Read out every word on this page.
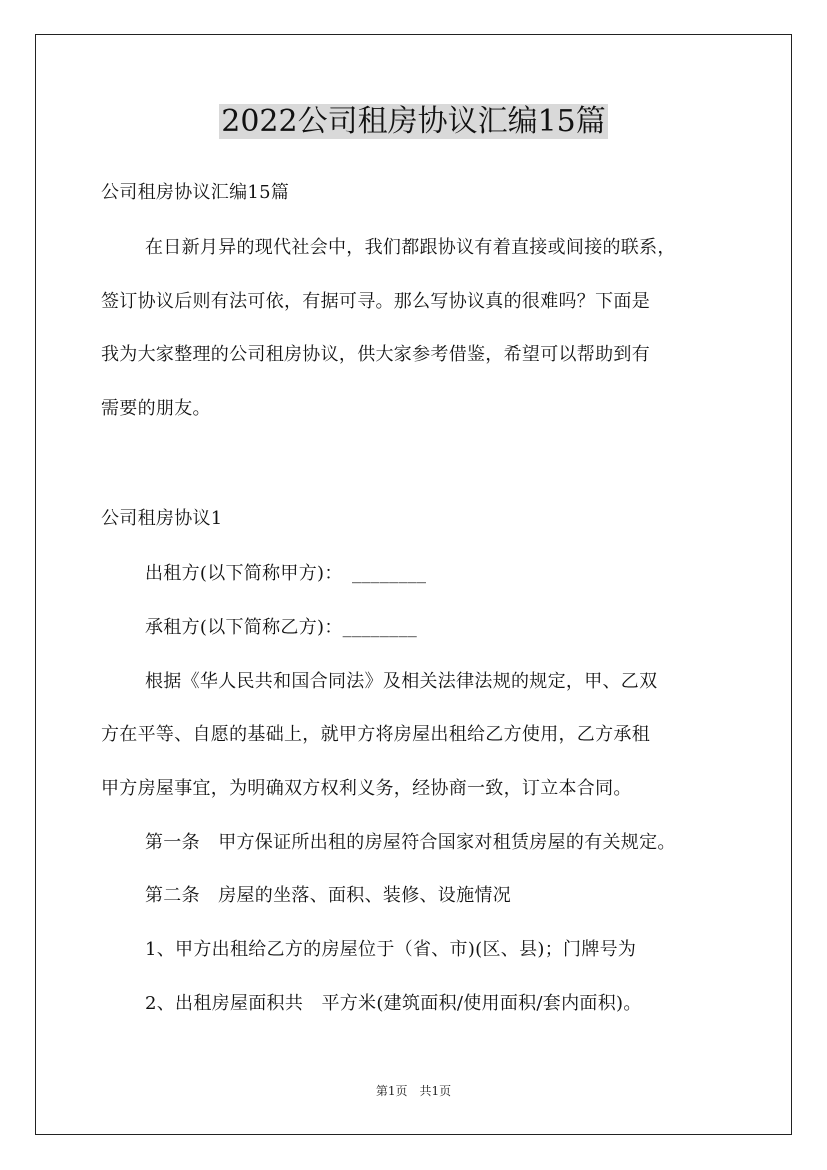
2022公司租房协议汇编15篇
公司租房协议汇编15篇
在日新月异的现代社会中，我们都跟协议有着直接或间接的联系，
签订协议后则有法可依，有据可寻。那么写协议真的很难吗？下面是
我为大家整理的公司租房协议，供大家参考借鉴，希望可以帮助到有
需要的朋友。
公司租房协议1
出租方(以下简称甲方)：　________
承租方(以下简称乙方)：________
根据《华人民共和国合同法》及相关法律法规的规定，甲、乙双
方在平等、自愿的基础上，就甲方将房屋出租给乙方使用，乙方承租
甲方房屋事宜，为明确双方权利义务，经协商一致，订立本合同。
第一条　甲方保证所出租的房屋符合国家对租赁房屋的有关规定。
第二条　房屋的坐落、面积、装修、设施情况
1、甲方出租给乙方的房屋位于（省、市)(区、县)；门牌号为
2、出租房屋面积共　平方米(建筑面积/使用面积/套内面积)。
第1页　共1页
